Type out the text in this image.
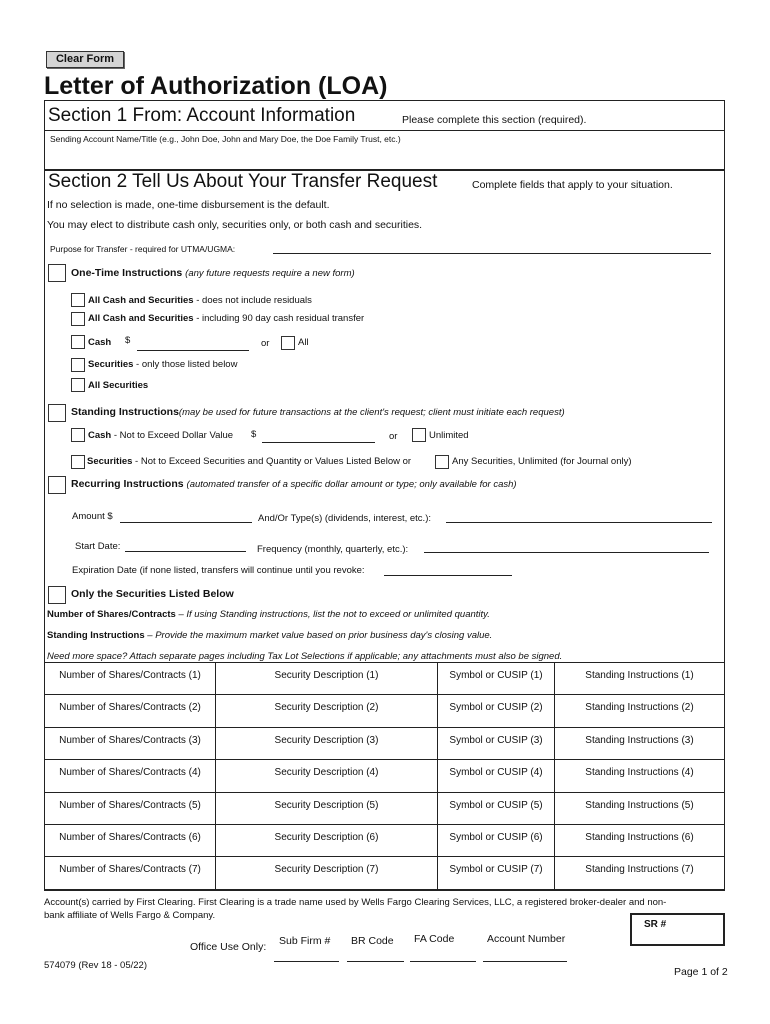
Clear Form
Letter of Authorization (LOA)
Section 1 From: Account Information	Please complete this section (required).
Sending Account Name/Title (e.g., John Doe, John and Mary Doe, the Doe Family Trust, etc.)
Section 2 Tell Us About Your Transfer Request	Complete fields that apply to your situation.
If no selection is made, one-time disbursement is the default.
You may elect to distribute cash only, securities only, or both cash and securities.
Purpose for Transfer - required for UTMA/UGMA:
One-Time Instructions (any future requests require a new form)
All Cash and Securities - does not include residuals
All Cash and Securities - including 90 day cash residual transfer
Cash $	or	All
Securities - only those listed below
All Securities
Standing Instructions(may be used for future transactions at the client's request; client must initiate each request)
Cash - Not to Exceed Dollar Value $	or	Unlimited
Securities - Not to Exceed Securities and Quantity or Values Listed Below or	Any Securities, Unlimited (for Journal only)
Recurring Instructions (automated transfer of a specific dollar amount or type; only available for cash)
Amount $	And/Or Type(s) (dividends, interest, etc.):
Start Date:	Frequency (monthly, quarterly, etc.):
Expiration Date (if none listed, transfers will continue until you revoke:
Only the Securities Listed Below
Number of Shares/Contracts – If using Standing instructions, list the not to exceed or unlimited quantity.
Standing Instructions – Provide the maximum market value based on prior business day's closing value.
Need more space? Attach separate pages including Tax Lot Selections if applicable; any attachments must also be signed.
Number of Shares/Contracts (1)	Security Description (1)	Symbol or CUSIP (1)	Standing Instructions (1)
Number of Shares/Contracts (2)	Security Description (2)	Symbol or CUSIP (2)	Standing Instructions (2)
Number of Shares/Contracts (3)	Security Description (3)	Symbol or CUSIP (3)	Standing Instructions (3)
Number of Shares/Contracts (4)	Security Description (4)	Symbol or CUSIP (4)	Standing Instructions (4)
Number of Shares/Contracts (5)	Security Description (5)	Symbol or CUSIP (5)	Standing Instructions (5)
Number of Shares/Contracts (6)	Security Description (6)	Symbol or CUSIP (6)	Standing Instructions (6)
Number of Shares/Contracts (7)	Security Description (7)	Symbol or CUSIP (7)	Standing Instructions (7)
Account(s) carried by First Clearing. First Clearing is a trade name used by Wells Fargo Clearing Services, LLC, a registered broker-dealer and non-
bank affiliate of Wells Fargo & Company.
SR #
Office Use Only: Sub Firm # BR Code FA Code	Account Number
574079 (Rev 18 - 05/22)
Page 1 of 2
